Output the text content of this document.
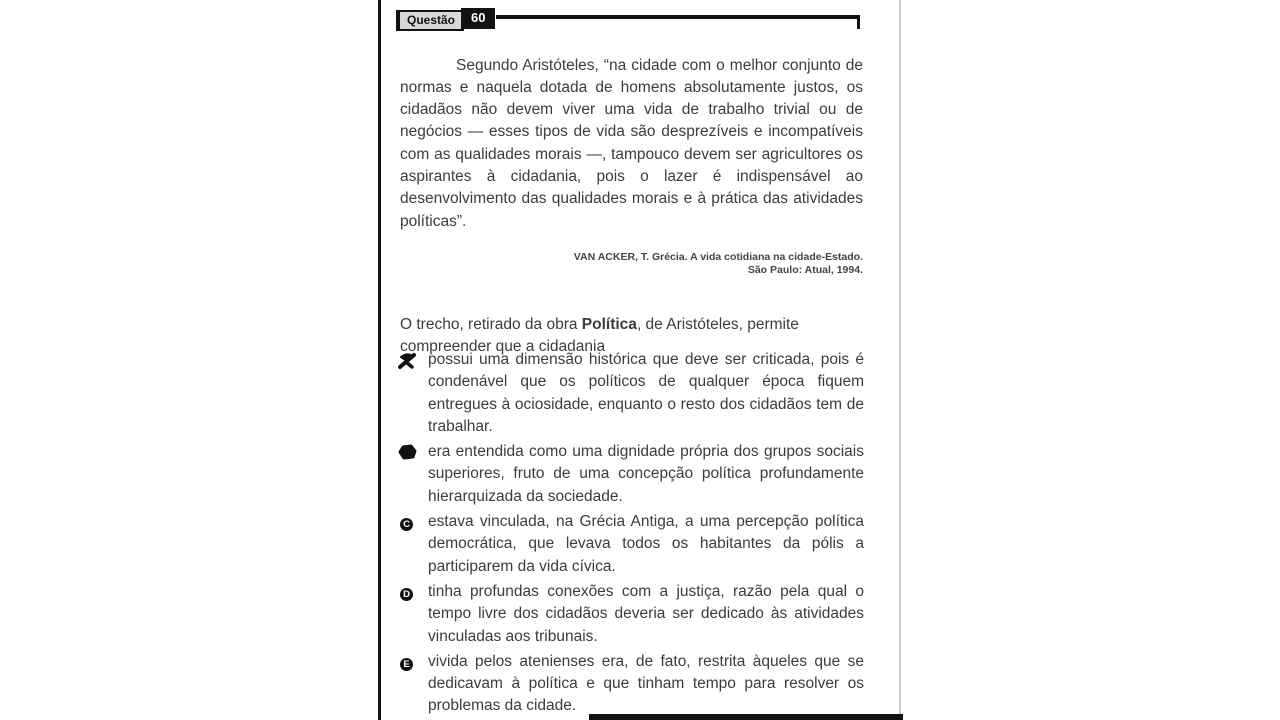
Questão	60

Segundo Aristóteles, “na cidade com o melhor conjunto de normas e naquela dotada de homens absolutamente justos, os cidadãos não devem viver uma vida de trabalho trivial ou de negócios — esses tipos de vida são desprezíveis e incompatíveis com as qualidades morais —, tampouco devem ser agricultores os aspirantes à cidadania, pois o lazer é indispensável ao desenvolvimento das qualidades morais e à prática das atividades políticas”.

VAN ACKER, T. Grécia. A vida cotidiana na cidade-Estado.
São Paulo: Atual, 1994.

O trecho, retirado da obra Política, de Aristóteles, permite compreender que a cidadania

possui uma dimensão histórica que deve ser criticada, pois é condenável que os políticos de qualquer época fiquem entregues à ociosidade, enquanto o resto dos cidadãos tem de trabalhar.
era entendida como uma dignidade própria dos grupos sociais superiores, fruto de uma concepção política profundamente hierarquizada da sociedade.
C	estava vinculada, na Grécia Antiga, a uma percepção política democrática, que levava todos os habitantes da pólis a participarem da vida cívica.
D	tinha profundas conexões com a justiça, razão pela qual o tempo livre dos cidadãos deveria ser dedicado às atividades vinculadas aos tribunais.
E	vivida pelos atenienses era, de fato, restrita àqueles que se dedicavam à política e que tinham tempo para resolver os problemas da cidade.
